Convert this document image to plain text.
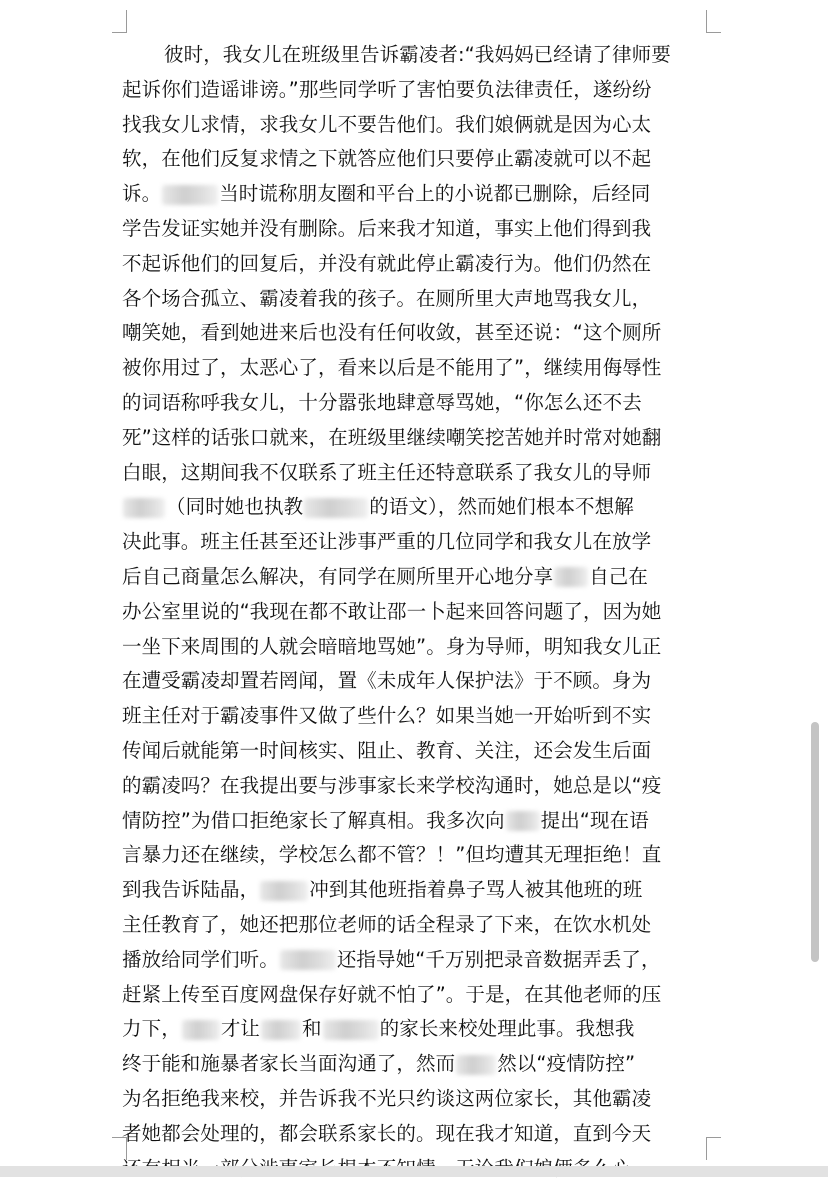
彼时，我女儿在班级里告诉霸凌者:“我妈妈已经请了律师要
起诉你们造谣诽谤。”那些同学听了害怕要负法律责任，遂纷纷
找我女儿求情，求我女儿不要告他们。我们娘俩就是因为心太
软，在他们反复求情之下就答应他们只要停止霸凌就可以不起
诉。	当时谎称朋友圈和平台上的小说都已删除，后经同
学告发证实她并没有删除。后来我才知道，事实上他们得到我
不起诉他们的回复后，并没有就此停止霸凌行为。他们仍然在
各个场合孤立、霸凌着我的孩子。在厕所里大声地骂我女儿，
嘲笑她，看到她进来后也没有任何收敛，甚至还说：“这个厕所
被你用过了，太恶心了，看来以后是不能用了”，继续用侮辱性
的词语称呼我女儿，十分嚣张地肆意辱骂她，“你怎么还不去
死”这样的话张口就来，在班级里继续嘲笑挖苦她并时常对她翻
白眼，这期间我不仅联系了班主任还特意联系了我女儿的导师
（同时她也执教	的语文），然而她们根本不想解
决此事。班主任甚至还让涉事严重的几位同学和我女儿在放学
后自己商量怎么解决，有同学在厕所里开心地分享 自己在
办公室里说的“我现在都不敢让邵一卜起来回答问题了，因为她
一坐下来周围的人就会暗暗地骂她”。身为导师，明知我女儿正
在遭受霸凌却置若罔闻，置《未成年人保护法》于不顾。身为
班主任对于霸凌事件又做了些什么？如果当她一开始听到不实
传闻后就能第一时间核实、阻止、教育、关注，还会发生后面
的霸凌吗？在我提出要与涉事家长来学校沟通时，她总是以“疫
情防控”为借口拒绝家长了解真相。我多次向 提出“现在语
言暴力还在继续，学校怎么都不管？！”但均遭其无理拒绝！直
到我告诉陆晶，	冲到其他班指着鼻子骂人被其他班的班
主任教育了，她还把那位老师的话全程录了下来，在饮水机处
播放给同学们听。	还指导她“千万别把录音数据弄丢了，
赶紧上传至百度网盘保存好就不怕了”。于是，在其他老师的压
力下， 才让 和	的家长来校处理此事。我想我
终于能和施暴者家长当面沟通了，然而 然以“疫情防控”
为名拒绝我来校，并告诉我不光只约谈这两位家长，其他霸凌
者她都会处理的，都会联系家长的。现在我才知道，直到今天
